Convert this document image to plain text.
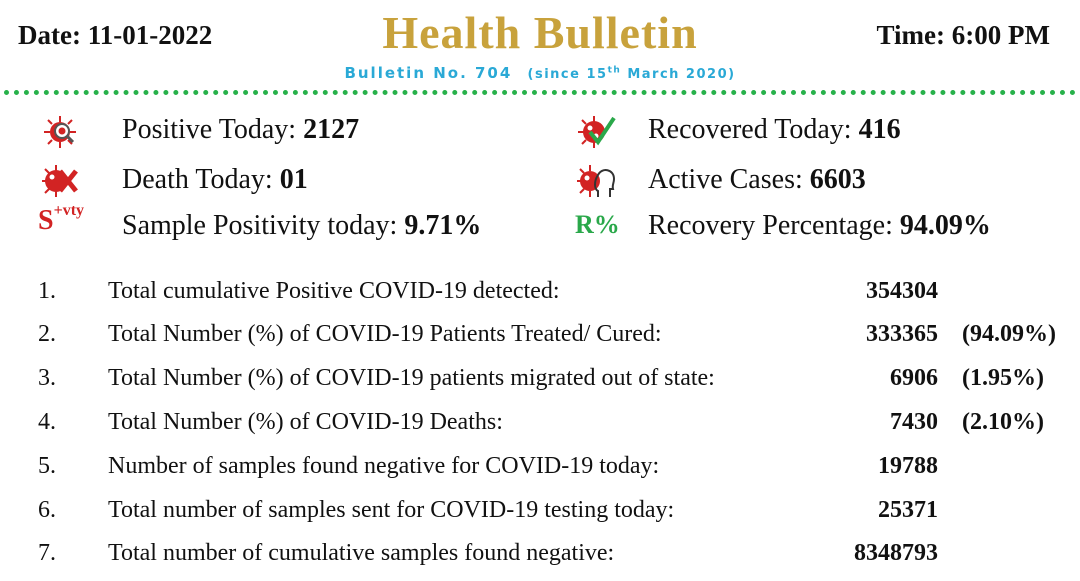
Date: 11-01-2022	Health Bulletin	Time: 6:00 PM
Bulletin No. 704 (since 15th March 2020)
Positive Today: 2127	Recovered Today: 416
Death Today: 01	Active Cases: 6603
$S^{+vty}$ Sample Positivity today: 9.71%	R% Recovery Percentage: 94.09%
1. Total cumulative Positive COVID-19 detected:	354304
2. Total Number (%) of COVID-19 Patients Treated/ Cured:	333365 (94.09%)
3. Total Number (%) of COVID-19 patients migrated out of state:	6906 (1.95%)
4. Total Number (%) of COVID-19 Deaths:	7430 (2.10%)
5. Number of samples found negative for COVID-19 today:	19788
6. Total number of samples sent for COVID-19 testing today:	25371
7. Total number of cumulative samples found negative:	8348793
